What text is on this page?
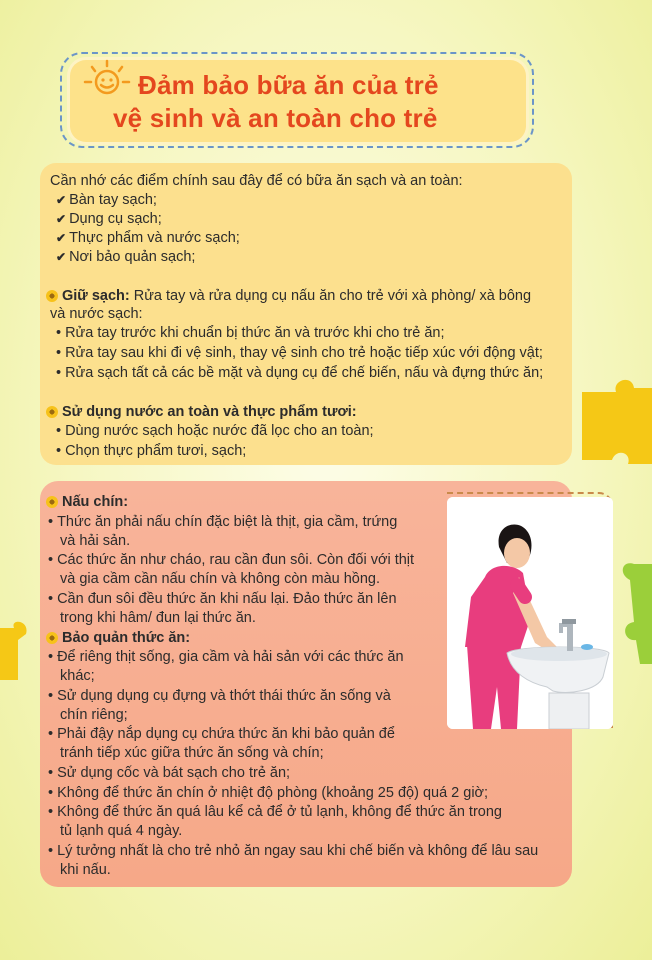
Đảm bảo bữa ăn của trẻ
vệ sinh và an toàn cho trẻ
Cần nhớ các điểm chính sau đây để có bữa ăn sạch và an toàn:
✔ Bàn tay sạch;
✔ Dụng cụ sạch;
✔ Thực phẩm và nước sạch;
✔ Nơi bảo quản sạch;
Giữ sạch: Rửa tay và rửa dụng cụ nấu ăn cho trẻ với xà phòng/ xà bông
và nước sạch:
• Rửa tay trước khi chuẩn bị thức ăn và trước khi cho trẻ ăn;
• Rửa tay sau khi đi vệ sinh, thay vệ sinh cho trẻ hoặc tiếp xúc với động vật;
• Rửa sạch tất cả các bề mặt và dụng cụ để chế biến, nấu và đựng thức ăn;
Sử dụng nước an toàn và thực phẩm tươi:
• Dùng nước sạch hoặc nước đã lọc cho an toàn;
• Chọn thực phẩm tươi, sạch;
Nấu chín:
• Thức ăn phải nấu chín đặc biệt là thịt, gia cầm, trứng
và hải sản.
• Các thức ăn như cháo, rau cần đun sôi. Còn đối với thịt
và gia cầm cần nấu chín và không còn màu hồng.
• Cần đun sôi đều thức ăn khi nấu lại. Đảo thức ăn lên
trong khi hâm/ đun lại thức ăn.
Bảo quản thức ăn:
• Để riêng thịt sống, gia cầm và hải sản với các thức ăn
khác;
• Sử dụng dụng cụ đựng và thớt thái thức ăn sống và
chín riêng;
• Phải đậy nắp dụng cụ chứa thức ăn khi bảo quản để
tránh tiếp xúc giữa thức ăn sống và chín;
• Sử dụng cốc và bát sạch cho trẻ ăn;
• Không để thức ăn chín ở nhiệt độ phòng (khoảng 25 độ) quá 2 giờ;
• Không để thức ăn quá lâu kể cả để ở tủ lạnh, không để thức ăn trong
tủ lạnh quá 4 ngày.
• Lý tưởng nhất là cho trẻ nhỏ ăn ngay sau khi chế biến và không để lâu sau
khi nấu.
